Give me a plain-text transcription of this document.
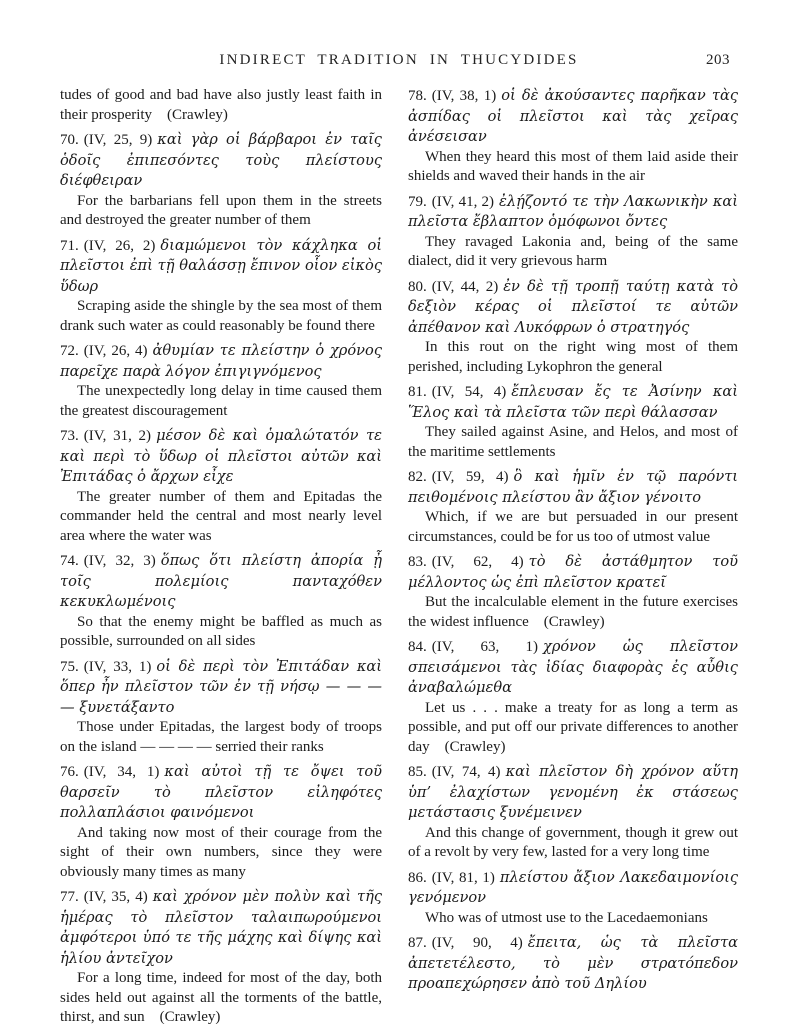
INDIRECT TRADITION IN THUCYDIDES	203

tudes of good and bad have also justly least faith in their prosperity  (Crawley)

70. (IV, 25, 9) καὶ γὰρ οἱ βάρβαροι ἐν ταῖς ὁδοῖς ἐπιπεσόντες τοὺς πλείστους διέφθειραν

For the barbarians fell upon them in the streets and destroyed the greater number of them

71. (IV, 26, 2) διαμώμενοι τὸν κάχληκα οἱ πλεῖστοι ἐπὶ τῇ θαλάσσῃ ἔπινον οἷον εἰκὸς ὕδωρ

Scraping aside the shingle by the sea most of them drank such water as could reasonably be found there

72. (IV, 26, 4) ἀθυμίαν τε πλείστην ὁ χρόνος παρεῖχε παρὰ λόγον ἐπιγιγνόμενος

The unexpectedly long delay in time caused them the greatest discouragement

73. (IV, 31, 2) μέσον δὲ καὶ ὁμαλώτατόν τε καὶ περὶ τὸ ὕδωρ οἱ πλεῖστοι αὐτῶν καὶ Ἐπιτάδας ὁ ἄρχων εἶχε

The greater number of them and Epitadas the commander held the central and most nearly level area where the water was

74. (IV, 32, 3) ὅπως ὅτι πλείστη ἀπορία ᾖ τοῖς πολεμίοις πανταχόθεν κεκυκλωμένοις

So that the enemy might be baffled as much as possible, surrounded on all sides

75. (IV, 33, 1) οἱ δὲ περὶ τὸν Ἐπιτάδαν καὶ ὅπερ ἦν πλεῖστον τῶν ἐν τῇ νήσῳ — — — — ξυνετάξαντο

Those under Epitadas, the largest body of troops on the island — — — — serried their ranks

76. (IV, 34, 1) καὶ αὐτοὶ τῇ τε ὄψει τοῦ θαρσεῖν τὸ πλεῖστον εἰληφότες πολλαπλάσιοι φαινόμενοι

And taking now most of their courage from the sight of their own numbers, since they were obviously many times as many

77. (IV, 35, 4) καὶ χρόνον μὲν πολὺν καὶ τῆς ἡμέρας τὸ πλεῖστον ταλαιπωρούμενοι ἀμφότεροι ὑπό τε τῆς μάχης καὶ δίψης καὶ ἡλίου ἀντεῖχον

For a long time, indeed for most of the day, both sides held out against all the torments of the battle, thirst, and sun  (Crawley)

78. (IV, 38, 1) οἱ δὲ ἀκούσαντες παρῆκαν τὰς ἀσπίδας οἱ πλεῖστοι καὶ τὰς χεῖρας ἀνέσεισαν

When they heard this most of them laid aside their shields and waved their hands in the air

79. (IV, 41, 2) ἐλῄζοντό τε τὴν Λακωνικὴν καὶ πλεῖστα ἔβλαπτον ὁμόφωνοι ὄντες

They ravaged Lakonia and, being of the same dialect, did it very grievous harm

80. (IV, 44, 2) ἐν δὲ τῇ τροπῇ ταύτῃ κατὰ τὸ δεξιὸν κέρας οἱ πλεῖστοί τε αὐτῶν ἀπέθανον καὶ Λυκόφρων ὁ στρατηγός

In this rout on the right wing most of them perished, including Lykophron the general

81. (IV, 54, 4) ἔπλευσαν ἔς τε Ἀσίνην καὶ Ἕλος καὶ τὰ πλεῖστα τῶν περὶ θάλασσαν

They sailed against Asine, and Helos, and most of the maritime settlements

82. (IV, 59, 4) ὃ καὶ ἡμῖν ἐν τῷ παρόντι πειθομένοις πλείστου ἂν ἄξιον γένοιτο

Which, if we are but persuaded in our present circumstances, could be for us too of utmost value

83. (IV, 62, 4) τὸ δὲ ἀστάθμητον τοῦ μέλλοντος ὡς ἐπὶ πλεῖστον κρατεῖ

But the incalculable element in the future exercises the widest influence  (Crawley)

84. (IV, 63, 1) χρόνον ὡς πλεῖστον σπεισάμενοι τὰς ἰδίας διαφορὰς ἐς αὖθις ἀναβαλώμεθα

Let us . . . make a treaty for as long a term as possible, and put off our private differences to another day  (Crawley)

85. (IV, 74, 4) καὶ πλεῖστον δὴ χρόνον αὕτη ὑπ’ ἐλαχίστων γενομένη ἐκ στάσεως μετάστασις ξυνέμεινεν

And this change of government, though it grew out of a revolt by very few, lasted for a very long time

86. (IV, 81, 1) πλείστου ἄξιον Λακεδαιμονίοις γενόμενον

Who was of utmost use to the Lacedaemonians

87. (IV, 90, 4) ἔπειτα, ὡς τὰ πλεῖστα ἀπετετέλεστο, τὸ μὲν στρατόπεδον προαπεχώρησεν ἀπὸ τοῦ Δηλίου
